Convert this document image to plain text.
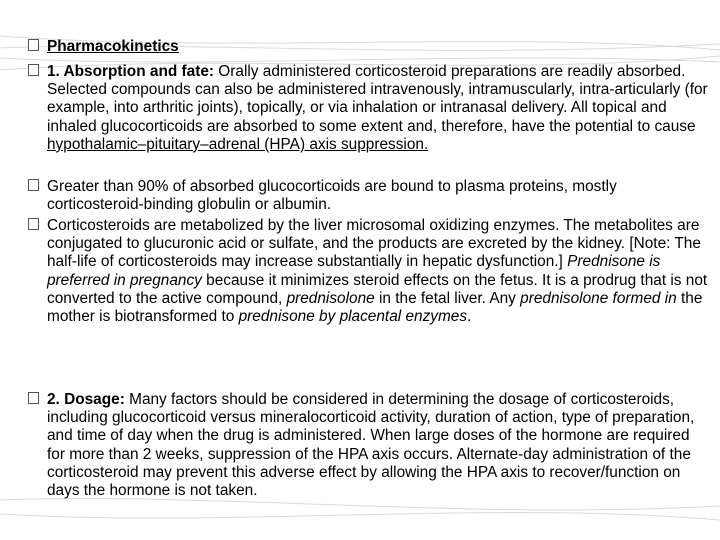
Pharmacokinetics
1. Absorption and fate: Orally administered corticosteroid preparations are readily absorbed. Selected compounds can also be administered intravenously, intramuscularly, intra-articularly (for example, into arthritic joints), topically, or via inhalation or intranasal delivery. All topical and inhaled glucocorticoids are absorbed to some extent and, therefore, have the potential to cause hypothalamic–pituitary–adrenal (HPA) axis suppression.
Greater than 90% of absorbed glucocorticoids are bound to plasma proteins, mostly corticosteroid-binding globulin or albumin.
Corticosteroids are metabolized by the liver microsomal oxidizing enzymes. The metabolites are conjugated to glucuronic acid or sulfate, and the products are excreted by the kidney. [Note: The half-life of corticosteroids may increase substantially in hepatic dysfunction.] Prednisone is preferred in pregnancy because it minimizes steroid effects on the fetus. It is a prodrug that is not converted to the active compound, prednisolone in the fetal liver. Any prednisolone formed in the mother is biotransformed to prednisone by placental enzymes.
2. Dosage: Many factors should be considered in determining the dosage of corticosteroids, including glucocorticoid versus mineralocorticoid activity, duration of action, type of preparation, and time of day when the drug is administered. When large doses of the hormone are required for more than 2 weeks, suppression of the HPA axis occurs. Alternate-day administration of the corticosteroid may prevent this adverse effect by allowing the HPA axis to recover/function on days the hormone is not taken.
